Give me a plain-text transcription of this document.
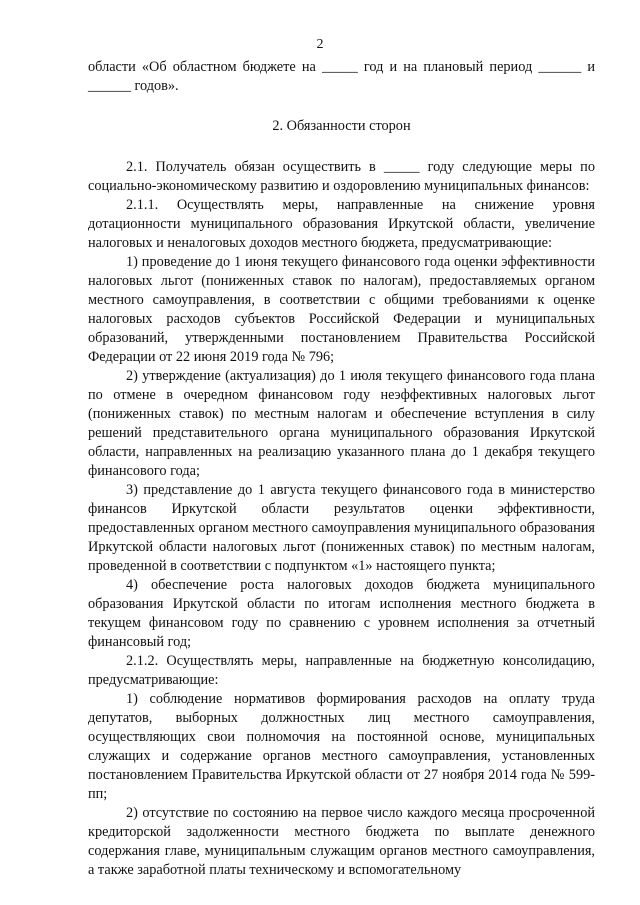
2

области «Об областном бюджете на _____ год и на плановый период ______ и ______ годов».

2. Обязанности сторон

2.1. Получатель обязан осуществить в _____ году следующие меры по социально-экономическому развитию и оздоровлению муниципальных финансов:

2.1.1. Осуществлять меры, направленные на снижение уровня дотационности муниципального образования Иркутской области, увеличение налоговых и неналоговых доходов местного бюджета, предусматривающие:

1) проведение до 1 июня текущего финансового года оценки эффективности налоговых льгот (пониженных ставок по налогам), предоставляемых органом местного самоуправления, в соответствии с общими требованиями к оценке налоговых расходов субъектов Российской Федерации и муниципальных образований, утвержденными постановлением Правительства Российской Федерации от 22 июня 2019 года № 796;

2) утверждение (актуализация) до 1 июля текущего финансового года плана по отмене в очередном финансовом году неэффективных налоговых льгот (пониженных ставок) по местным налогам и обеспечение вступления в силу решений представительного органа муниципального образования Иркутской области, направленных на реализацию указанного плана до 1 декабря текущего финансового года;

3) представление до 1 августа текущего финансового года в министерство финансов Иркутской области результатов оценки эффективности, предоставленных органом местного самоуправления муниципального образования Иркутской области налоговых льгот (пониженных ставок) по местным налогам, проведенной в соответствии с подпунктом «1» настоящего пункта;

4) обеспечение роста налоговых доходов бюджета муниципального образования Иркутской области по итогам исполнения местного бюджета в текущем финансовом году по сравнению с уровнем исполнения за отчетный финансовый год;

2.1.2. Осуществлять меры, направленные на бюджетную консолидацию, предусматривающие:

1) соблюдение нормативов формирования расходов на оплату труда депутатов, выборных должностных лиц местного самоуправления, осуществляющих свои полномочия на постоянной основе, муниципальных служащих и содержание органов местного самоуправления, установленных постановлением Правительства Иркутской области от 27 ноября 2014 года № 599-пп;

2) отсутствие по состоянию на первое число каждого месяца просроченной кредиторской задолженности местного бюджета по выплате денежного содержания главе, муниципальным служащим органов местного самоуправления, а также заработной платы техническому и вспомогательному
